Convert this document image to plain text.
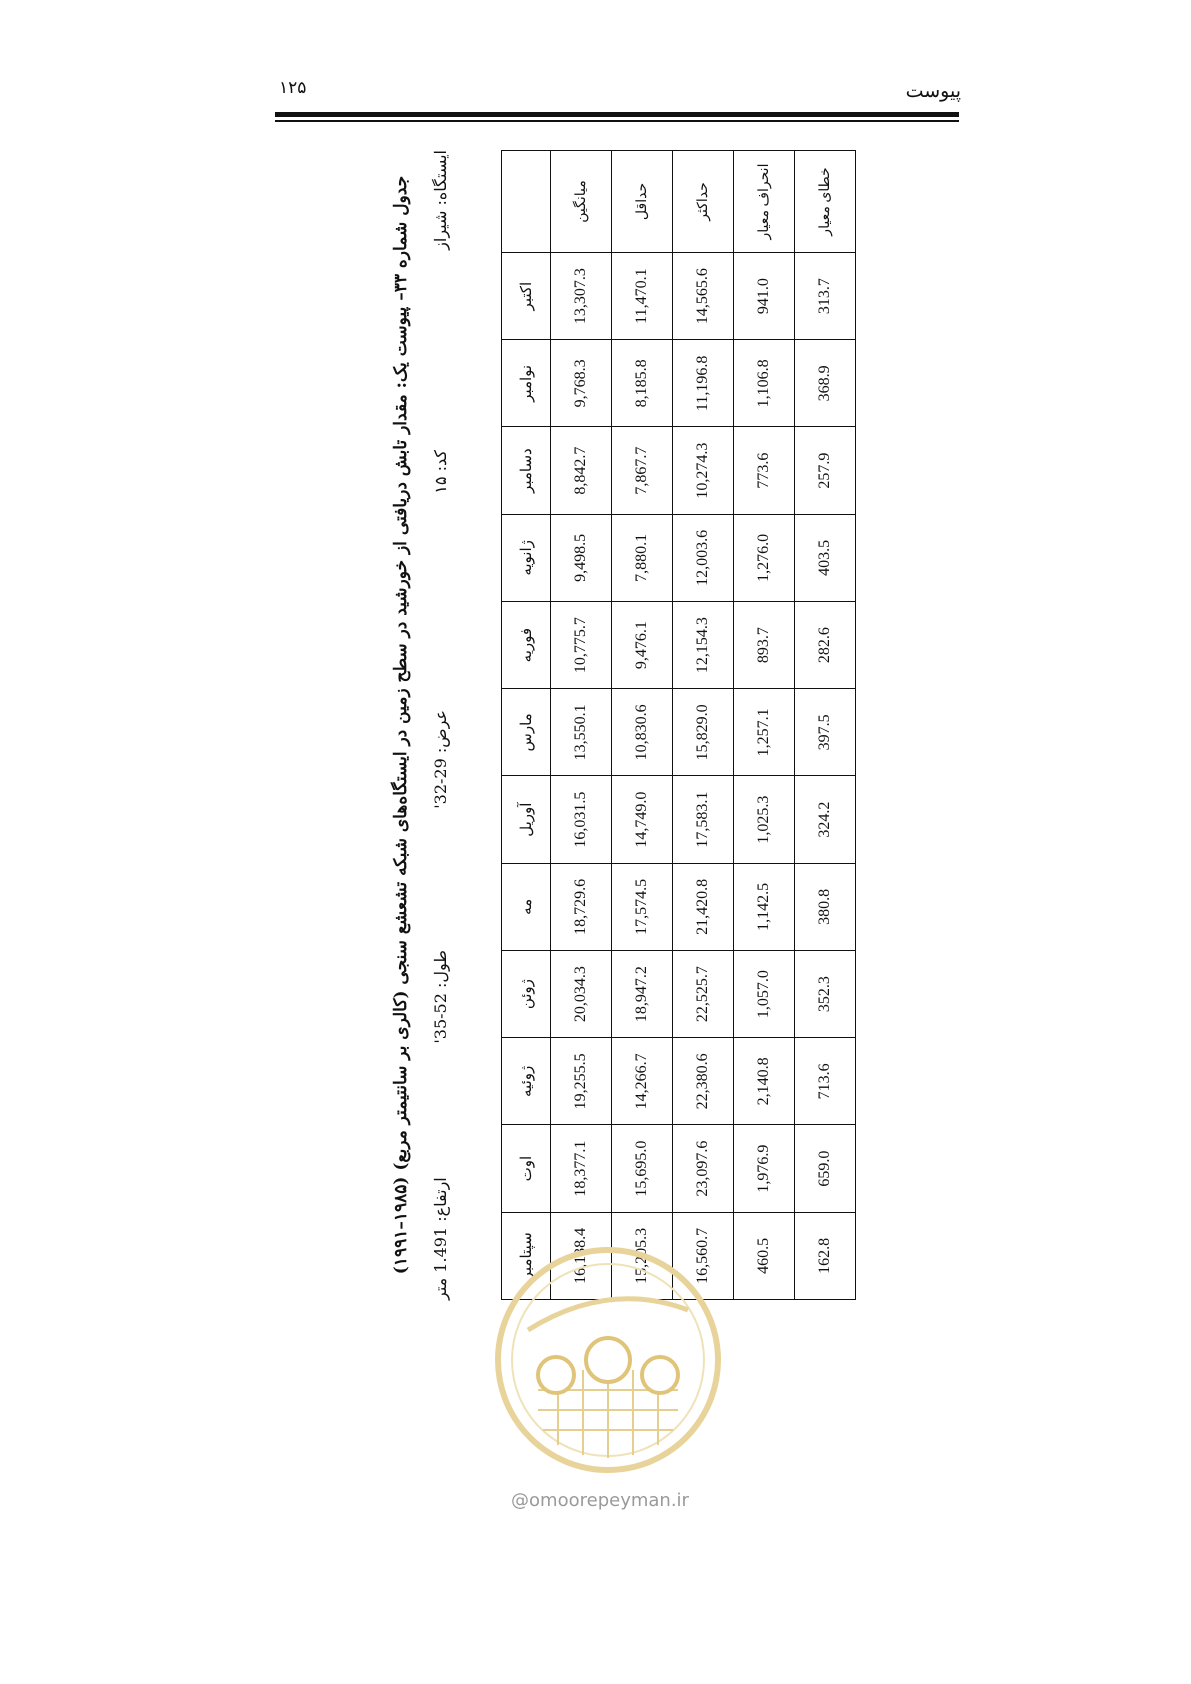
۱۲۵	پیوست
جدول شماره ۳۳– پیوست یک: مقدار تابش دریافتی از خورشید در سطح زمین در ایستگاه‌های شبکه تشعشع سنجی (کالری بر سانتیمتر مربع) (۱۹۸۵–۱۹۹۱) ایستگاه: شیراز
کد: ۱۵
عرض: 29-32'
طول: 52-35'
ارتفاع: 1.491 متر
	اکتبر	نوامبر	دسامبر	ژانویه	فوریه	مارس	آوریل	مه	ژوئن	ژوئیه	اوت	سپتامبر
میانگین	13,307.3	9,768.3	8,842.7	9,498.5	10,775.7	13,550.1	16,031.5	18,729.6	20,034.3	19,255.5	18,377.1	16,138.4
حداقل	11,470.1	8,185.8	7,867.7	7,880.1	9,476.1	10,830.6	14,749.0	17,574.5	18,947.2	14,266.7	15,695.0	15,205.3
حداکثر	14,565.6	11,196.8	10,274.3	12,003.6	12,154.3	15,829.0	17,583.1	21,420.8	22,525.7	22,380.6	23,097.6	16,560.7
انحراف معیار	941.0	1,106.8	773.6	1,276.0	893.7	1,257.1	1,025.3	1,142.5	1,057.0	2,140.8	1,976.9	460.5
خطای معیار	313.7	368.9	257.9	403.5	282.6	397.5	324.2	380.8	352.3	713.6	659.0	162.8
@omoorepeyman.ir
